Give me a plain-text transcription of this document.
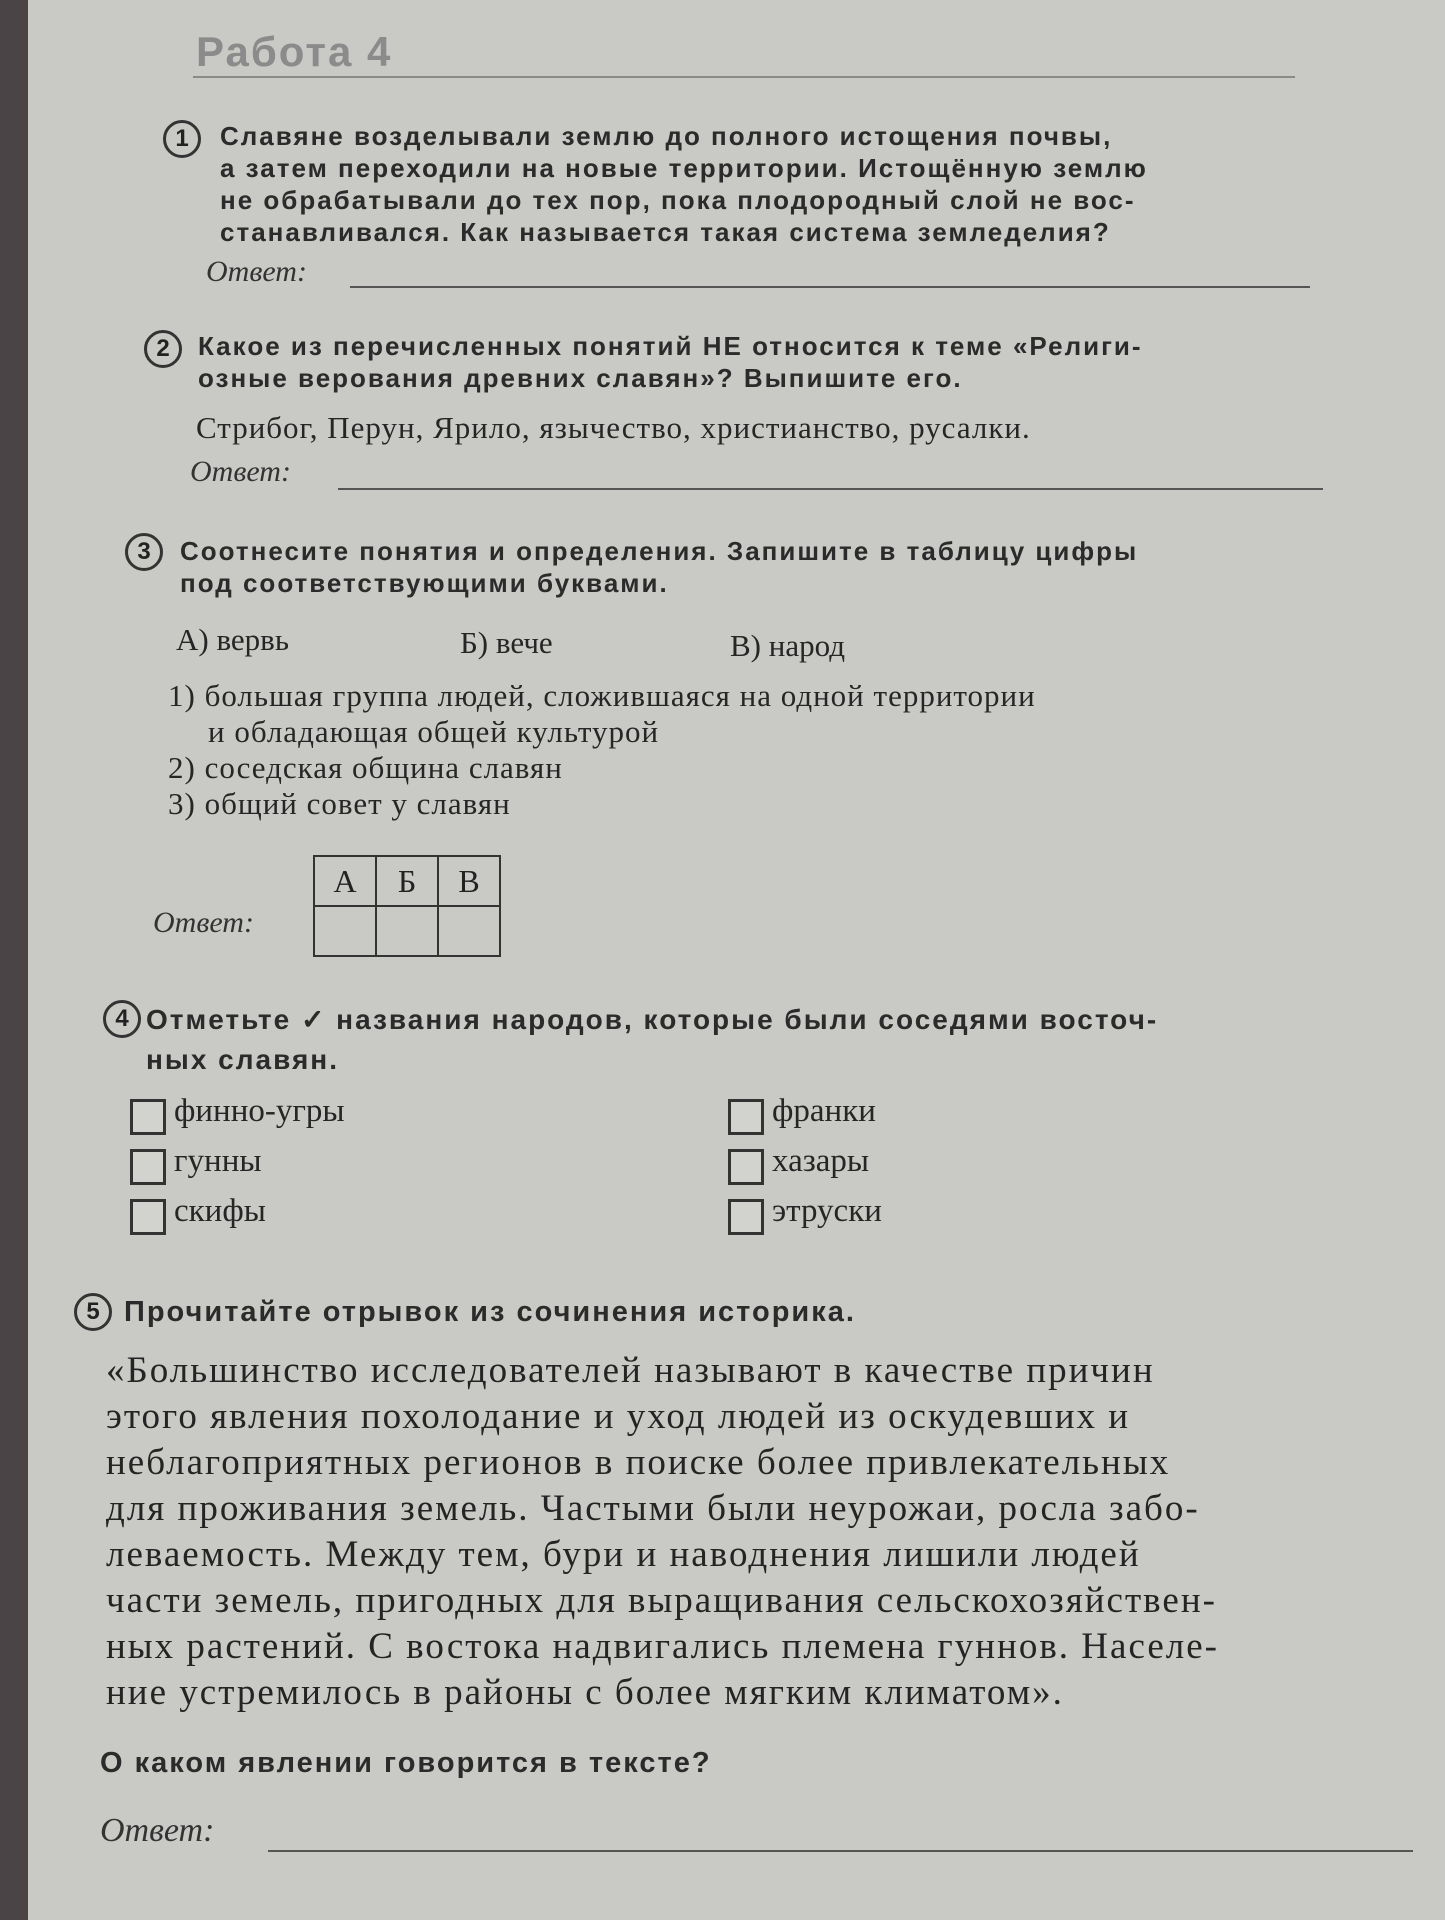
Работа 4
1	Славяне возделывали землю до полного истощения почвы,
а затем переходили на новые территории. Истощённую землю
не обрабатывали до тех пор, пока плодородный слой не вос-
станавливался. Как называется такая система земледелия?
Ответ:
2	Какое из перечисленных понятий НЕ относится к теме «Религи-
озные верования древних славян»? Выпишите его.
Стрибог, Перун, Ярило, язычество, христианство, русалки.
Ответ:
3	Соотнесите понятия и определения. Запишите в таблицу цифры
под соответствующими буквами.
А) вервь	Б) вече	В) народ
1) большая группа людей, сложившаяся на одной территории
и обладающая общей культурой
2) соседская община славян
3) общий совет у славян
Ответ:
А	Б	В

4 Отметьте ✓ названия народов, которые были соседями восточ-
ных славян.
финно-угры
гунны
скифы
франки
хазары
этруски
5 Прочитайте отрывок из сочинения историка.
«Большинство исследователей называют в качестве причин
этого явления похолодание и уход людей из оскудевших и
неблагоприятных регионов в поиске более привлекательных
для проживания земель. Частыми были неурожаи, росла забо-
леваемость. Между тем, бури и наводнения лишили людей
части земель, пригодных для выращивания сельскохозяйствен-
ных растений. С востока надвигались племена гуннов. Населе-
ние устремилось в районы с более мягким климатом».
О каком явлении говорится в тексте?
Ответ:
